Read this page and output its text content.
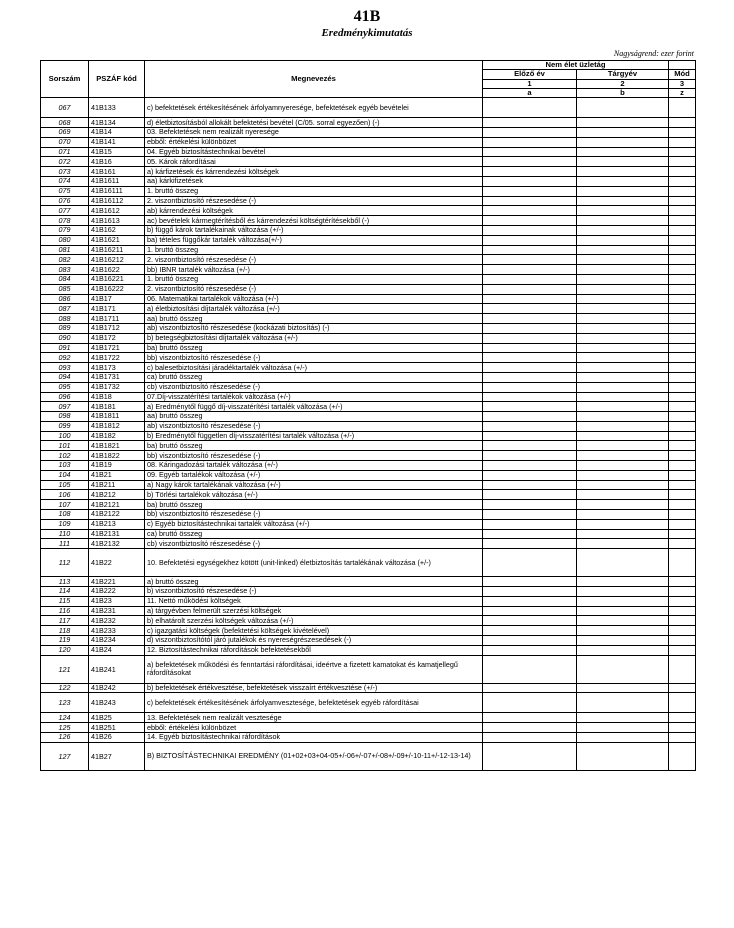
41B
Eredménykimutatás
Nagyságrend: ezer forint
Sorszám	PSZÁF kód	Megnevezés	Nem élet üzletág		
			Előző év	Tárgyév	Mód
			1	2	3
			a	b	z
067	41B133	c) befektetések értékesítésének árfolyamnyeresége, befektetések egyéb bevételei			
068	41B134	d) életbiztosításból allokált befektetési bevétel (C/05. sorral egyezően) (-)			
069	41B14	03. Befektetések nem realizált nyeresége			
070	41B141	ebből: értékelési különbözet			
071	41B15	04. Egyéb biztosítástechnikai bevétel			
072	41B16	05. Károk ráfordításai			
073	41B161	a) kárfizetések és kárrendezési költségek			
074	41B1611	aa) kárkifizetések			
075	41B16111	1. bruttó összeg			
076	41B16112	2. viszontbiztosító részesedése (-)			
077	41B1612	ab) kárrendezési költségek			
078	41B1613	ac) bevételek kármegtérítésből és kárrendezési költségtérítésekből (-)			
079	41B162	b) függő károk tartalékainak változása (+/-)			
080	41B1621	ba) tételes függőkár tartalék változása(+/-)			
081	41B16211	1. bruttó összeg			
082	41B16212	2. viszontbiztosító részesedése (-)			
083	41B1622	bb) IBNR tartalék változása (+/-)			
084	41B16221	1. bruttó összeg			
085	41B16222	2. viszontbiztosító részesedése (-)			
086	41B17	06. Matematikai tartalékok változása (+/-)			
087	41B171	a) életbiztosítási díjtartalék változása (+/-)			
088	41B1711	aa) bruttó összeg			
089	41B1712	ab) viszontbiztosító részesedése (kockázati biztosítás) (-)			
090	41B172	b) betegségbiztosítási díjtartalék változása (+/-)			
091	41B1721	ba) bruttó összeg			
092	41B1722	bb) viszontbiztosító részesedése (-)			
093	41B173	c) balesetbiztosítási járadéktartalék változása (+/-)			
094	41B1731	ca) bruttó összeg			
095	41B1732	cb) viszontbiztosító részesedése (-)			
096	41B18	07.Díj-visszatérítési tartalékok változása (+/-)			
097	41B181	a) Eredménytől függő díj-visszatérítési tartalék változása (+/-)			
098	41B1811	aa) bruttó összeg			
099	41B1812	ab) viszontbiztosító részesedése (-)			
100	41B182	b) Eredménytől független díj-visszatérítési tartalék változása (+/-)			
101	41B1821	ba) bruttó összeg			
102	41B1822	bb) viszontbiztosító részesedése (-)			
103	41B19	08. Káringadozási tartalék változása (+/-)			
104	41B21	09. Egyéb tartalékok változása (+/-)			
105	41B211	a) Nagy károk tartalékának változása (+/-)			
106	41B212	b) Törlési tartalékok változása (+/-)			
107	41B2121	ba) bruttó összeg			
108	41B2122	bb) viszontbiztosító részesedése (-)			
109	41B213	c) Egyéb biztosítástechnikai tartalék változása (+/-)			
110	41B2131	ca) bruttó összeg			
111	41B2132	cb) viszontbiztosító részesedése (-)			
112	41B22	10. Befektetési egységekhez kötött (unit-linked) életbiztosítás tartalékának változása (+/-)			
113	41B221	a) bruttó összeg			
114	41B222	b) viszontbiztosító részesedése (-)			
115	41B23	11. Nettó működési költségek			
116	41B231	a) tárgyévben felmerült szerzési költségek			
117	41B232	b) elhatárolt szerzési költségek változása (+/-)			
118	41B233	c) igazgatási költségek (befektetési költségek kivételével)			
119	41B234	d) viszontbiztosítótól járó jutalékok és nyereségrészesedések (-)			
120	41B24	12. Biztosítástechnikai ráfordítások befektetésekből			
121	41B241	a) befektetések működési és fenntartási ráfordításai, ideértve a fizetett kamatokat és kamatjellegű ráfordításokat			
122	41B242	b) befektetések értékvesztése, befektetések visszaírt értékvesztése (+/-)			
123	41B243	c) befektetések értékesítésének árfolyamvesztesége, befektetések egyéb ráfordításai			
124	41B25	13. Befektetések nem realizált vesztesége			
125	41B251	ebből: értékelési különbözet			
126	41B26	14. Egyéb biztosítástechnikai ráfordítások			
127	41B27	B) BIZTOSÍTÁSTECHNIKAI EREDMÉNY (01+02+03+04-05+/-06+/-07+/-08+/-09+/-10-11+/-12-13-14)			
